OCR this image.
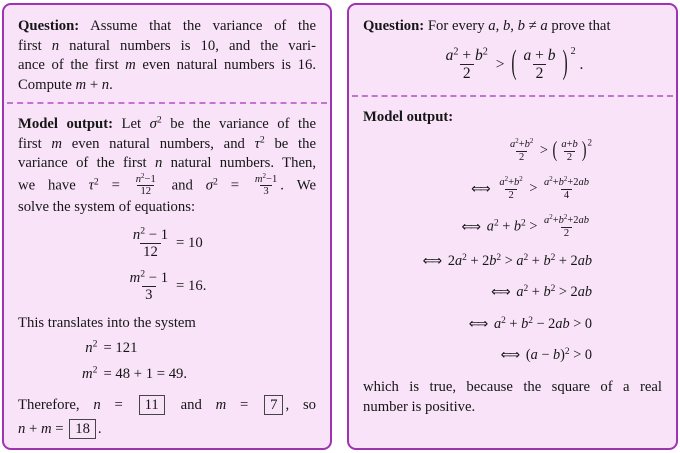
Question: Assume that the variance of the
first n natural numbers is 10, and the vari-
ance of the first m even natural numbers is 16.
Compute m + n.
Model output: Let $\sigma^2$ be the variance of the
first m even natural numbers, and $\tau^2$ be the
variance of the first n natural numbers. Then,
we have $\tau^2 = \frac{n^2-1}{12}$ and $\sigma^2 = \frac{m^2-1}{3}$ . We
solve the system of equations:
$\frac{n^2 - 1}{12} = 10$
$\frac{m^2 - 1}{3} = 16$.
This translates into the system
$n^2 = 121$
$m^2 = 48 + 1 = 49$.
Therefore, n = 11 and m = 7 , so
n + m = 18 .
Question: For every a, b, b ≠ a prove that
$\frac{a^2 + b^2}{2}$ > ( $\frac{a + b}{2}$ ) $^2$ .
Model output:
$\frac{a^2+b^2}{2}$ > ( $\frac{a+b}{2} )^2$
⇐⇒ $\frac{a^2+b^2}{2} > \frac{a^2+b^2+2ab}{4}$
⇐⇒ $a^2 + b^2 > \frac{a^2+b^2+2ab}{2}$
⇐⇒ $2a^2 + 2b^2 > a^2 + b^2 + 2ab$
⇐⇒ $a^2 + b^2 > 2ab$
⇐⇒ $a^2 + b^2 - 2ab > 0$
⇐⇒ $(a - b)^2 > 0$
which is true, because the square of a real
number is positive.
